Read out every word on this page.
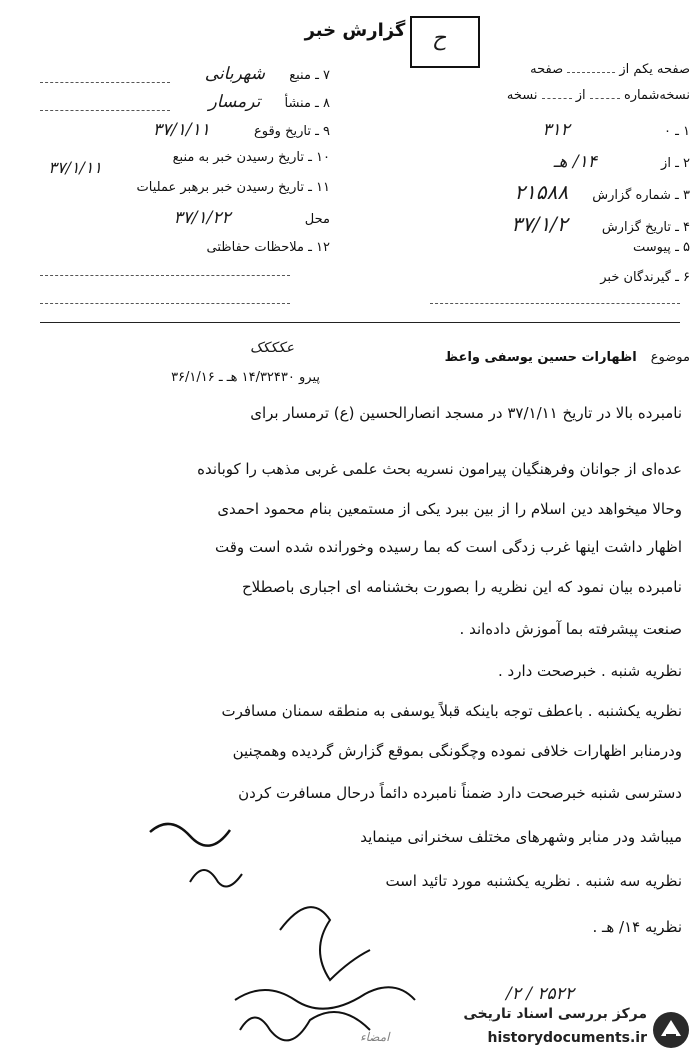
گزارش خبر ح
صفحه یکم از  صفحه
نسخه‌شماره  از  نسخه
۱ ـ ۰ ۳۱۲
۲ ـ از ۱۴/ هـ
۳ ـ شماره گزارش ۲۱۵۸۸
۴ ـ تاریخ گزارش ۳۷/۱/۲
۵ ـ پیوست
۶ ـ گیرندگان خبر
۷ ـ منبع شهربانی
۸ ـ منشأ ترمسار
۹ ـ تاریخ وقوع ۳۷/۱/۱۱
۱۰ ـ تاریخ رسیدن خبر به منبع
۳۷/۱/۱۱
۱۱ ـ تاریخ رسیدن خبر برهبر عملیات
محل ۳۷/۱/۲۲
۱۲ ـ ملاحظات حفاظتی
عکککک
موضوع اظهارات حسین یوسفی واعظ
پیرو ۱۴/۳۲۴۳۰ هـ ـ ۳۶/۱/۱۶
نامبرده بالا در تاریخ ۳۷/۱/۱۱ در مسجد انصارالحسین (ع) ترمسار برای
عده‌ای از جوانان وفرهنگیان پیرامون نسریه بحث علمی غربی مذهب را کوبانده
وحالا میخواهد دین اسلام را از بین ببرد یکی از مستمعین بنام محمود احمدی
اظهار داشت اینها غرب زدگی است که بما رسیده وخورانده شده است وقت
نامبرده بیان نمود که این نظریه را بصورت بخشنامه ای اجباری باصطلاح
صنعت پیشرفته بما آموزش داده‌اند .
نظریه شنبه . خبرصحت دارد .
نظریه یکشنبه . باعطف توجه باینکه قبلاً یوسفی به منطقه سمنان مسافرت
ودرمنابر اظهارات خلافی نموده وچگونگی بموقع گزارش گردیده وهمچنین
دسترسی شنبه خبرصحت دارد ضمناً نامبرده دائماً درحال مسافرت کردن
میباشد ودر منابر وشهرهای مختلف سخنرانی مینماید
نظریه سه شنبه . نظریه یکشنبه مورد تائید است
نظریه ۱۴/ هـ .
۲۵۲۲ / ۲/
امضاء
مرکز بررسی اسناد تاریخی
historydocuments.ir
